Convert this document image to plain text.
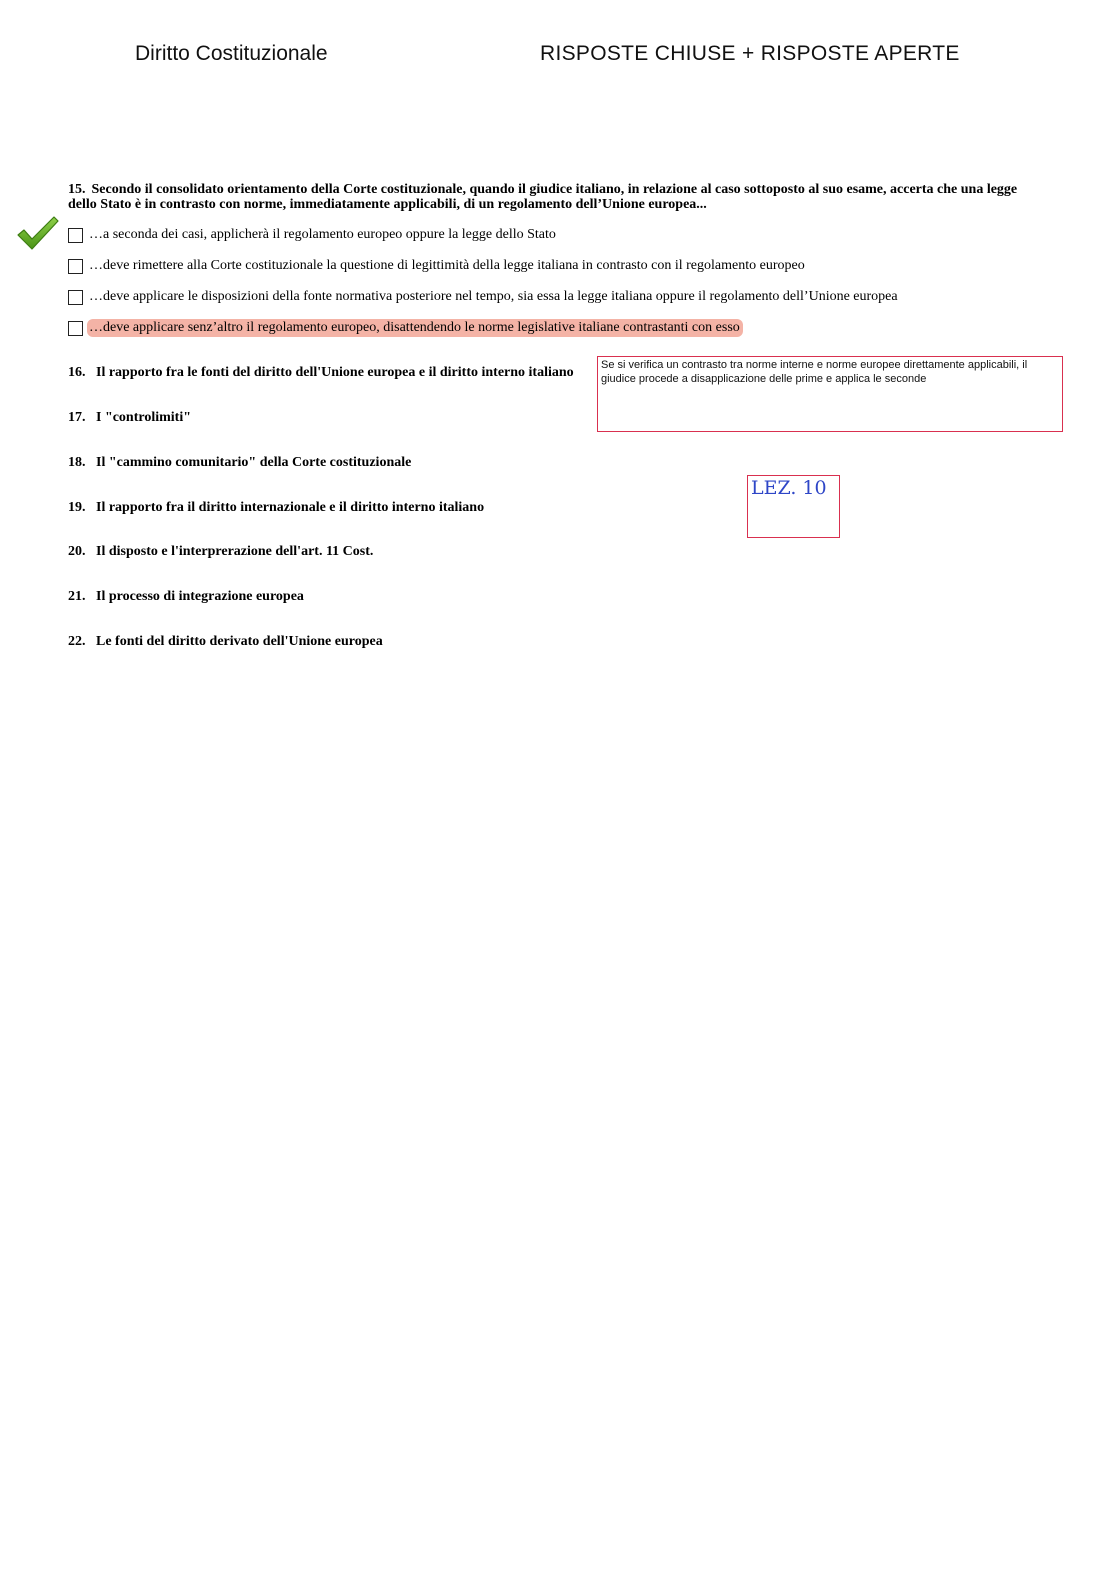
Diritto Costituzionale	RISPOSTE CHIUSE + RISPOSTE APERTE
15. Secondo il consolidato orientamento della Corte costituzionale, quando il giudice italiano, in relazione al caso sottoposto al suo esame, accerta che una legge dello Stato è in contrasto con norme, immediatamente applicabili, di un regolamento dell’Unione europea...
…a seconda dei casi, applicherà il regolamento europeo oppure la legge dello Stato
…deve rimettere alla Corte costituzionale la questione di legittimità della legge italiana in contrasto con il regolamento europeo
…deve applicare le disposizioni della fonte normativa posteriore nel tempo, sia essa la legge italiana oppure il regolamento dell’Unione europea
…deve applicare senz’altro il regolamento europeo, disattendendo le norme legislative italiane contrastanti con esso
16. Il rapporto fra le fonti del diritto dell'Unione europea e il diritto interno italiano
17. I "controlimiti"
18. Il "cammino comunitario" della Corte costituzionale
19. Il rapporto fra il diritto internazionale e il diritto interno italiano
20. Il disposto e l'interprerazione dell'art. 11 Cost.
21. Il processo di integrazione europea
22. Le fonti del diritto derivato dell'Unione europea
Se si verifica un contrasto tra norme interne e norme europee direttamente applicabili, il giudice procede a disapplicazione delle prime e applica le seconde
LEZ. 10
